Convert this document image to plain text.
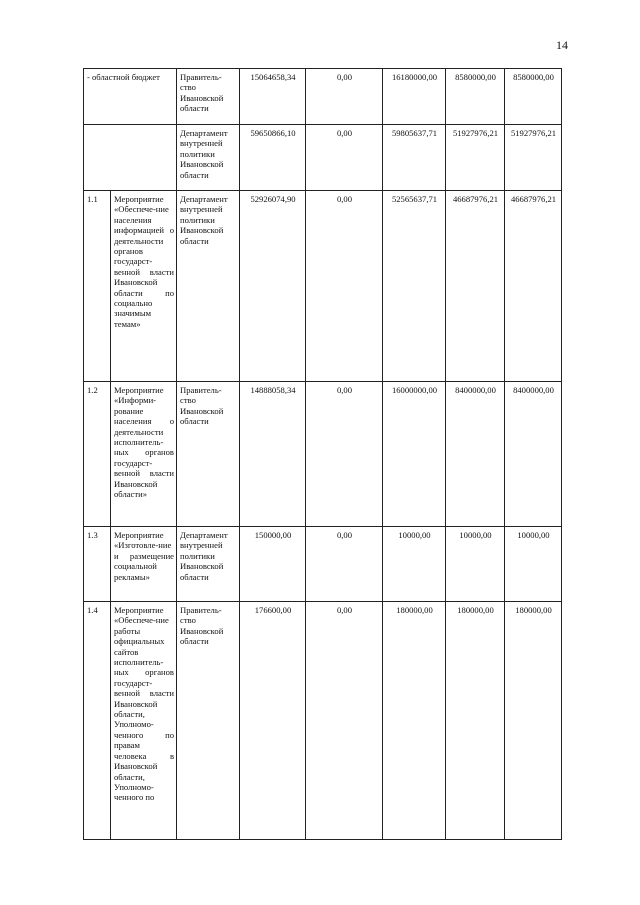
14
- областной бюджет		Правитель-
ство
Ивановской
области	15064658,34	0,00	16180000,00	8580000,00	8580000,00
		Департамент
внутренней
политики
Ивановской
области	59650866,10	0,00	59805637,71	51927976,21	51927976,21
1.1	Мероприятие «Обеспече-ние населения информацией о деятельности органов государст-венной власти Ивановской области по социально значимым темам»	Департамент
внутренней
политики
Ивановской
области	52926074,90	0,00	52565637,71	46687976,21	46687976,21
1.2	Мероприятие «Информи-рование населения о деятельности исполнитель-ных органов государст-венной власти Ивановской области»	Правитель-
ство
Ивановской
области	14888058,34	0,00	16000000,00	8400000,00	8400000,00
1.3	Мероприятие «Изготовле-ние и размещение социальной рекламы»	Департамент
внутренней
политики
Ивановской
области	150000,00	0,00	10000,00	10000,00	10000,00
1.4	Мероприятие «Обеспече-ние работы официальных сайтов исполнитель-ных органов государст-венной власти Ивановской области, Уполномо-ченного по правам человека в Ивановской области, Уполномо-ченного по	Правитель-
ство
Ивановской
области	176600,00	0,00	180000,00	180000,00	180000,00
